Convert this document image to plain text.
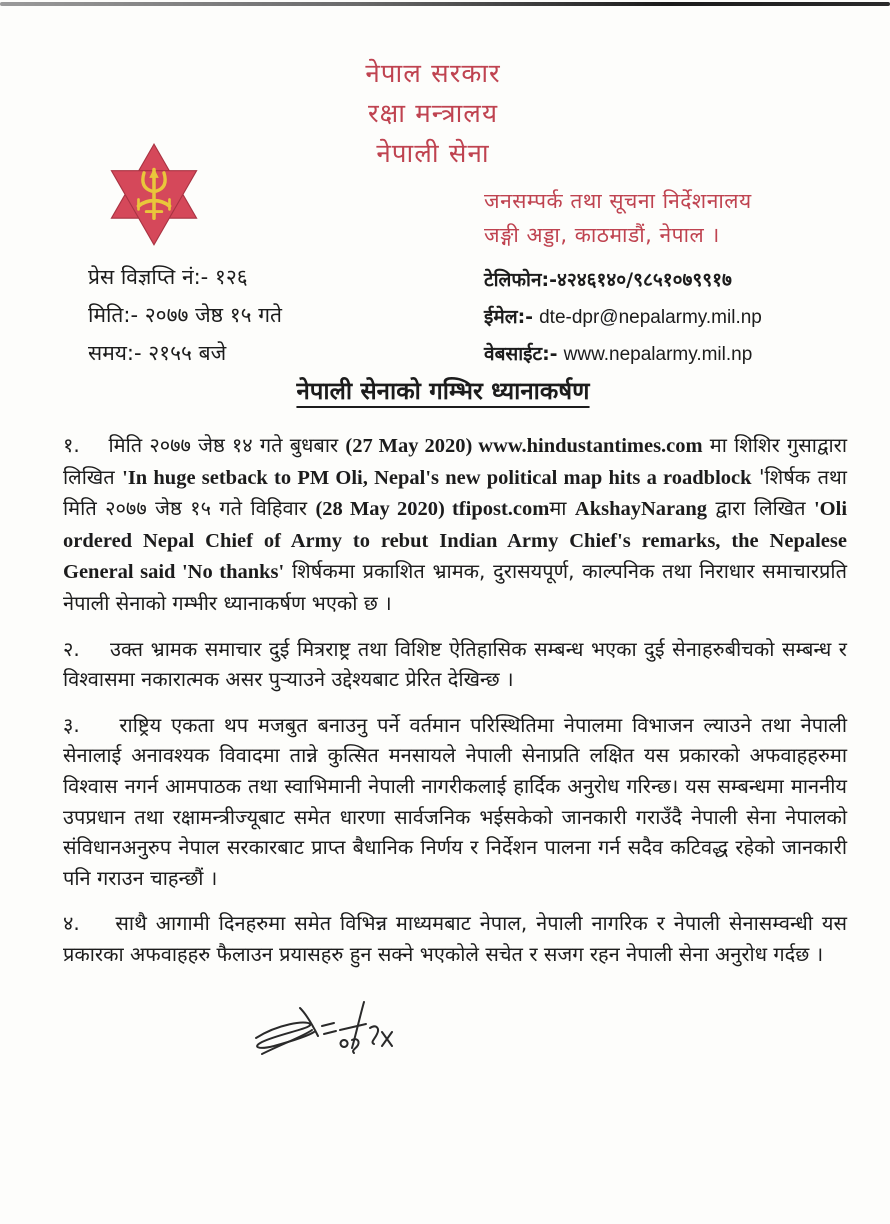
नेपाल सरकार
रक्षा मन्त्रालय
नेपाली सेना
जनसम्पर्क तथा सूचना निर्देशनालय
जङ्गी अड्डा, काठमाडौं, नेपाल ।
प्रेस विज्ञप्ति नं:- १२६
मिति:- २०७७ जेष्ठ १५ गते
समय:- २१५५ बजे
टेलिफोन:-४२४६१४०/९८५१०७९९१७
ईमेल:- dte-dpr@nepalarmy.mil.np
वेबसाईट:- www.nepalarmy.mil.np
नेपाली सेनाको गम्भिर ध्यानाकर्षण

१.    मिति २०७७ जेष्ठ १४ गते बुधबार (27 May 2020) www.hindustantimes.com मा शिशिर गुसाद्वारा लिखित 'In huge setback to PM Oli, Nepal's new political map hits a roadblock 'शिर्षक तथा मिति २०७७ जेष्ठ १५ गते विहिवार (28 May 2020) tfipost.comमा AkshayNarang द्वारा लिखित 'Oli ordered Nepal Chief of Army to rebut Indian Army Chief's remarks, the Nepalese General said 'No thanks' शिर्षकमा प्रकाशित भ्रामक, दुरासयपूर्ण, काल्पनिक तथा निराधार समाचारप्रति नेपाली सेनाको गम्भीर ध्यानाकर्षण भएको छ ।

२.    उक्त भ्रामक समाचार दुई मित्रराष्ट्र तथा विशिष्ट ऐतिहासिक सम्बन्ध भएका दुई सेनाहरुबीचको सम्बन्ध र विश्वासमा नकारात्मक असर पुऱ्याउने उद्देश्यबाट प्रेरित देखिन्छ ।

३.    राष्ट्रिय एकता थप मजबुत बनाउनु पर्ने वर्तमान परिस्थितिमा नेपालमा विभाजन ल्याउने तथा नेपाली सेनालाई अनावश्यक विवादमा तान्ने कुत्सित मनसायले नेपाली सेनाप्रति लक्षित यस प्रकारको अफवाहहरुमा विश्वास नगर्न आमपाठक तथा स्वाभिमानी नेपाली नागरीकलाई हार्दिक अनुरोध गरिन्छ। यस सम्बन्धमा माननीय उपप्रधान तथा रक्षामन्त्रीज्यूबाट समेत धारणा सार्वजनिक भईसकेको जानकारी गराउँदै नेपाली सेना नेपालको संविधानअनुरुप नेपाल सरकारबाट प्राप्त बैधानिक निर्णय र निर्देशन पालना गर्न सदैव कटिवद्ध रहेको जानकारी पनि गराउन चाहन्छौं ।

४.    साथै आगामी दिनहरुमा समेत विभिन्न माध्यमबाट नेपाल, नेपाली नागरिक र नेपाली सेनासम्वन्धी यस प्रकारका अफवाहहरु फैलाउन प्रयासहरु हुन सक्ने भएकोले सचेत र सजग रहन नेपाली सेना अनुरोध गर्दछ ।
